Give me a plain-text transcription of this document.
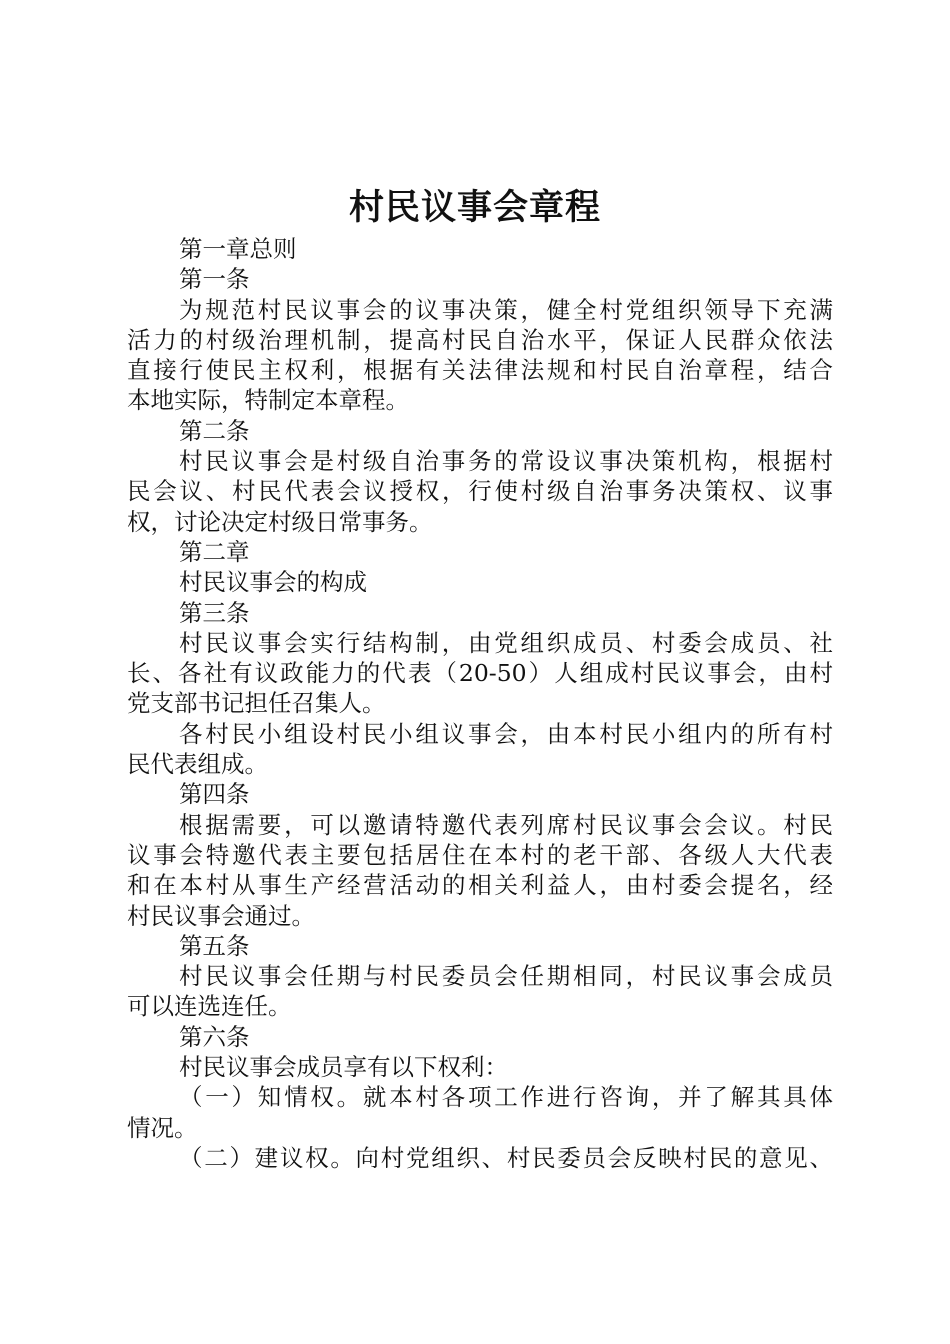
村民议事会章程
第一章总则
第一条
为规范村民议事会的议事决策，健全村党组织领导下充满
活力的村级治理机制，提高村民自治水平，保证人民群众依法
直接行使民主权利，根据有关法律法规和村民自治章程，结合
本地实际，特制定本章程。
第二条
村民议事会是村级自治事务的常设议事决策机构，根据村
民会议、村民代表会议授权，行使村级自治事务决策权、议事
权，讨论决定村级日常事务。
第二章
村民议事会的构成
第三条
村民议事会实行结构制，由党组织成员、村委会成员、社
长、各社有议政能力的代表（20-50）人组成村民议事会，由村
党支部书记担任召集人。
各村民小组设村民小组议事会，由本村民小组内的所有村
民代表组成。
第四条
根据需要，可以邀请特邀代表列席村民议事会会议。村民
议事会特邀代表主要包括居住在本村的老干部、各级人大代表
和在本村从事生产经营活动的相关利益人，由村委会提名，经
村民议事会通过。
第五条
村民议事会任期与村民委员会任期相同，村民议事会成员
可以连选连任。
第六条
村民议事会成员享有以下权利：
（一）知情权。就本村各项工作进行咨询，并了解其具体
情况。
（二）建议权。向村党组织、村民委员会反映村民的意见、
